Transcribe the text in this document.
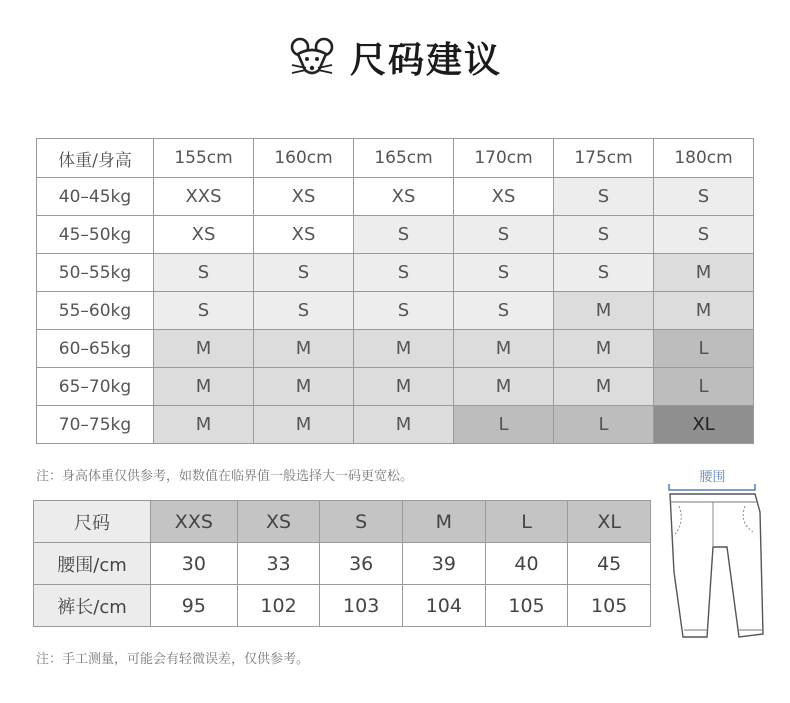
尺码建议
体重/身高	155cm	160cm	165cm	170cm	175cm	180cm
40–45kg	XXS	XS	XS	XS	S	S
45–50kg	XS	XS	S	S	S	S
50–55kg	S	S	S	S	S	M
55–60kg	S	S	S	S	M	M
60–65kg	M	M	M	M	M	L
65–70kg	M	M	M	M	M	L
70–75kg	M	M	M	L	L	XL
注：身高体重仅供参考，如数值在临界值一般选择大一码更宽松。
尺码	XXS	XS	S	M	L	XL
腰围/cm	30	33	36	39	40	45
裤长/cm	95	102	103	104	105	105
腰围
注：手工测量，可能会有轻微误差，仅供参考。
